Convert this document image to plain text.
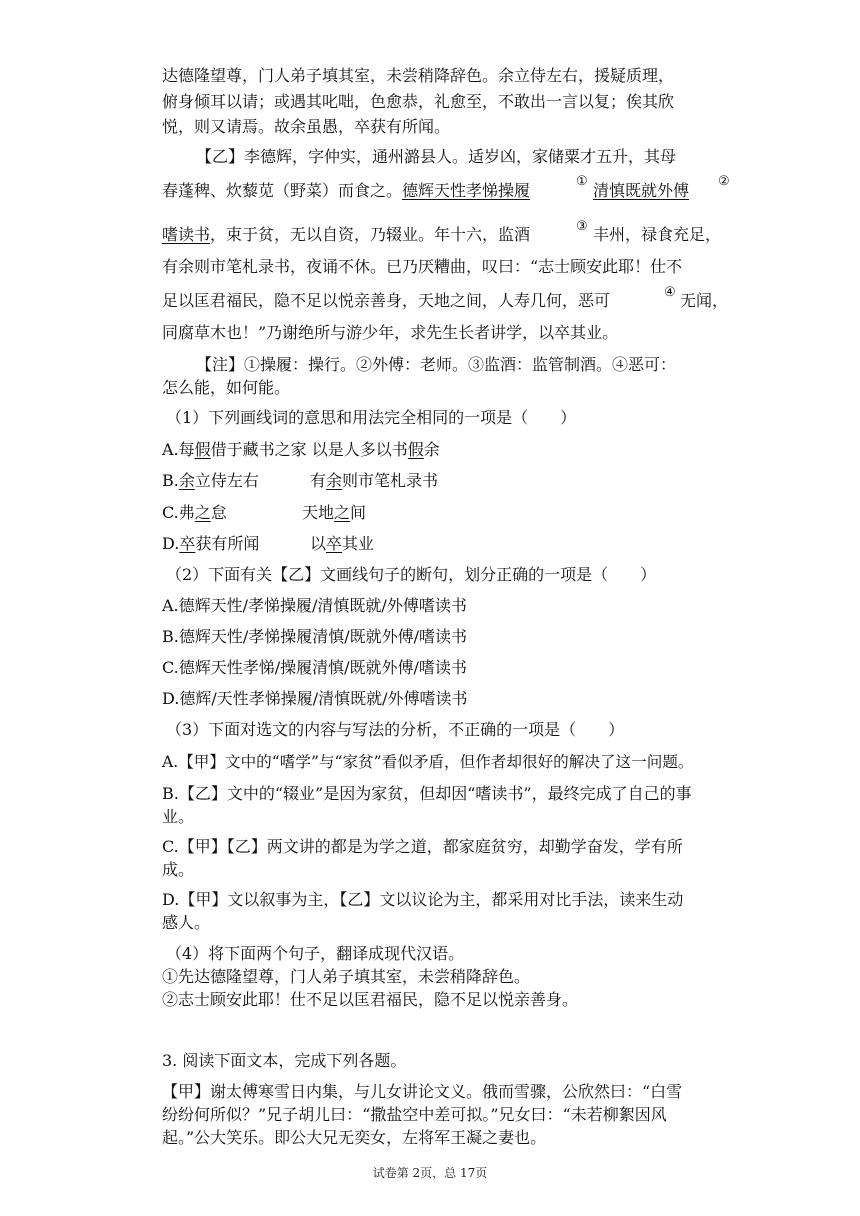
达德隆望尊，门人弟子填其室，未尝稍降辞色。余立侍左右，援疑质理，
俯身倾耳以请；或遇其叱咄，色愈恭，礼愈至，不敢出一言以复；俟其欣
悦，则又请焉。故余虽愚，卒获有所闻。
【乙】李德辉，字仲实，通州潞县人。适岁凶，家储粟才五升，其母
春蓬稗、炊藜苋（野菜）而食之。德辉天性孝悌操履	① 清慎既就外傅 ②
嗜读书，束于贫，无以自资，乃辍业。年十六，监酒	③ 丰州，禄食充足，
有余则市笔札录书，夜诵不休。已乃厌糟曲，叹曰：“志士顾安此耶！仕不
足以匡君福民，隐不足以悦亲善身，天地之间，人寿几何，恶可	④ 无闻，
同腐草木也！”乃谢绝所与游少年，求先生长者讲学，以卒其业。
【注】①操履：操行。②外傅：老师。③监酒：监管制酒。④恶可：
怎么能，如何能。
（1）下列画线词的意思和用法完全相同的一项是（　　）
A.每假借于藏书之家 以是人多以书假余
B.余立侍左右	有余则市笔札录书
C.弗之怠	天地之间
D.卒获有所闻	以卒其业
（2）下面有关【乙】文画线句子的断句，划分正确的一项是（　　）
A.德辉天性/孝悌操履/清慎既就/外傅嗜读书
B.德辉天性/孝悌操履清慎/既就外傅/嗜读书
C.德辉天性孝悌/操履清慎/既就外傅/嗜读书
D.德辉/天性孝悌操履/清慎既就/外傅嗜读书
（3）下面对选文的内容与写法的分析，不正确的一项是（　　）
A.【甲】文中的“嗜学”与“家贫”看似矛盾，但作者却很好的解决了这一问题。
B.【乙】文中的“辍业”是因为家贫，但却因“嗜读书”，最终完成了自己的事
业。
C.【甲】【乙】两文讲的都是为学之道，都家庭贫穷，却勤学奋发，学有所
成。
D.【甲】文以叙事为主，【乙】文以议论为主，都采用对比手法，读来生动
感人。
（4）将下面两个句子，翻译成现代汉语。
①先达德隆望尊，门人弟子填其室，未尝稍降辞色。
②志士顾安此耶！仕不足以匡君福民，隐不足以悦亲善身。
3. 阅读下面文本，完成下列各题。
【甲】谢太傅寒雪日内集，与儿女讲论文义。俄而雪骤，公欣然曰：“白雪
纷纷何所似？”兄子胡儿曰：“撒盐空中差可拟。”兄女曰：“未若柳絮因风
起。”公大笑乐。即公大兄无奕女，左将军王凝之妻也。
试卷第 2页，总 17页
